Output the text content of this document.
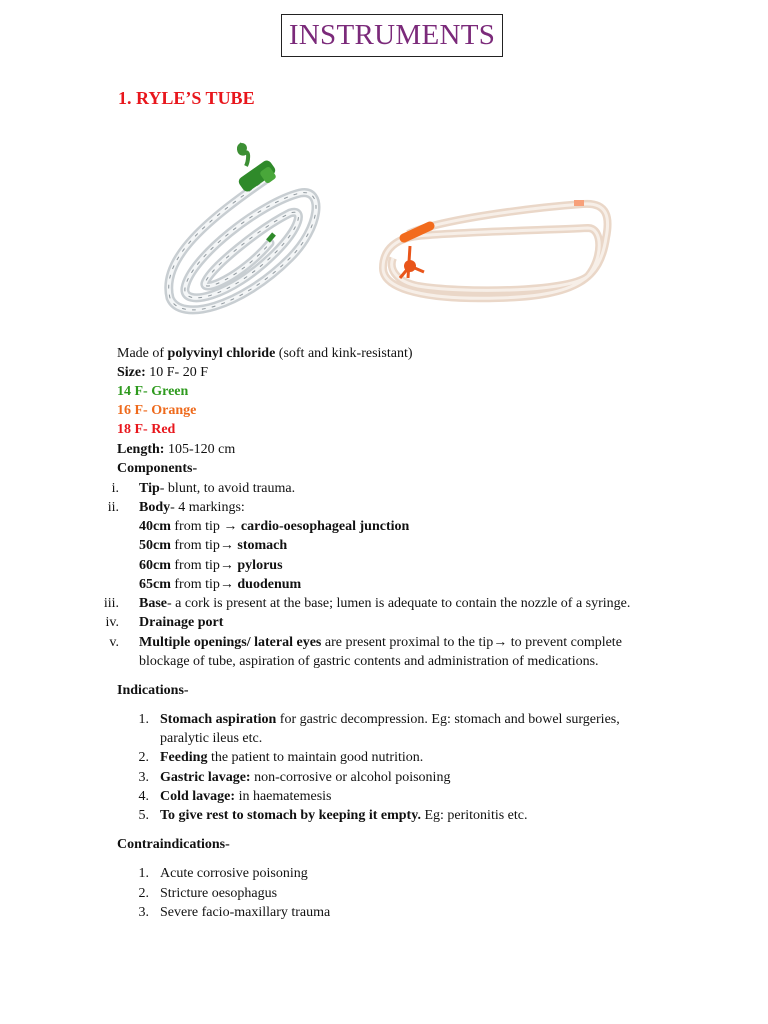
INSTRUMENTS
1. RYLE’S TUBE
Made of polyvinyl chloride (soft and kink-resistant)
Size: 10 F- 20 F
14 F- Green
16 F- Orange
18 F- Red
Length: 105-120 cm
Components-
i. Tip- blunt, to avoid trauma.
ii. Body- 4 markings:
40cm from tip → cardio-oesophageal junction
50cm from tip→ stomach
60cm from tip→ pylorus
65cm from tip→ duodenum
iii. Base- a cork is present at the base; lumen is adequate to contain the nozzle of a syringe.
iv. Drainage port
v. Multiple openings/ lateral eyes are present proximal to the tip→ to prevent complete
blockage of tube, aspiration of gastric contents and administration of medications.
Indications-
1. Stomach aspiration for gastric decompression. Eg: stomach and bowel surgeries,
paralytic ileus etc.
2. Feeding the patient to maintain good nutrition.
3. Gastric lavage: non-corrosive or alcohol poisoning
4. Cold lavage: in haematemesis
5. To give rest to stomach by keeping it empty. Eg: peritonitis etc.
Contraindications-
1. Acute corrosive poisoning
2. Stricture oesophagus
3. Severe facio-maxillary trauma
